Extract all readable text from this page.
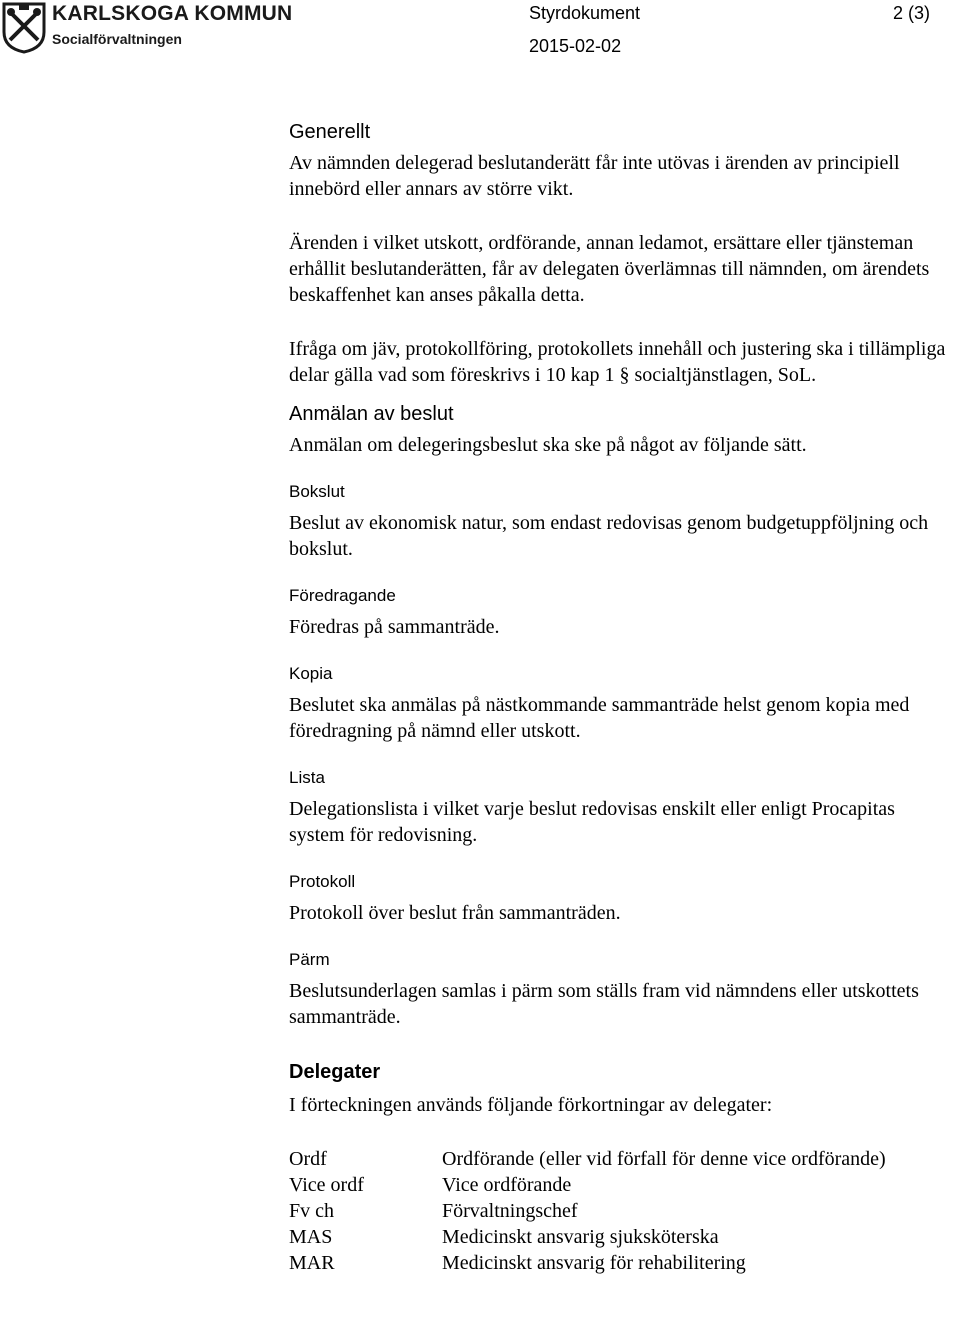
KARLSKOGA KOMMUN
Socialförvaltningen
Styrdokument	2 (3)
2015-02-02
Generellt

Av nämnden delegerad beslutanderätt får inte utövas i ärenden av principiell innebörd eller annars av större vikt.

Ärenden i vilket utskott, ordförande, annan ledamot, ersättare eller tjänsteman erhållit beslutanderätten, får av delegaten överlämnas till nämnden, om ärendets beskaffenhet kan anses påkalla detta.

Ifråga om jäv, protokollföring, protokollets innehåll och justering ska i tillämpliga delar gälla vad som föreskrivs i 10 kap 1 § socialtjänstlagen, SoL.

Anmälan av beslut

Anmälan om delegeringsbeslut ska ske på något av följande sätt.

Bokslut

Beslut av ekonomisk natur, som endast redovisas genom budgetuppföljning och bokslut.

Föredragande

Föredras på sammanträde.

Kopia

Beslutet ska anmälas på nästkommande sammanträde helst genom kopia med föredragning på nämnd eller utskott.

Lista

Delegationslista i vilket varje beslut redovisas enskilt eller enligt Procapitas system för redovisning.

Protokoll

Protokoll över beslut från sammanträden.

Pärm

Beslutsunderlagen samlas i pärm som ställs fram vid nämndens eller utskottets sammanträde.

Delegater

I förteckningen används följande förkortningar av delegater:

Ordf	Ordförande (eller vid förfall för denne vice ordförande)
Vice ordf	Vice ordförande
Fv ch	Förvaltningschef
MAS	Medicinskt ansvarig sjuksköterska
MAR	Medicinskt ansvarig för rehabilitering
